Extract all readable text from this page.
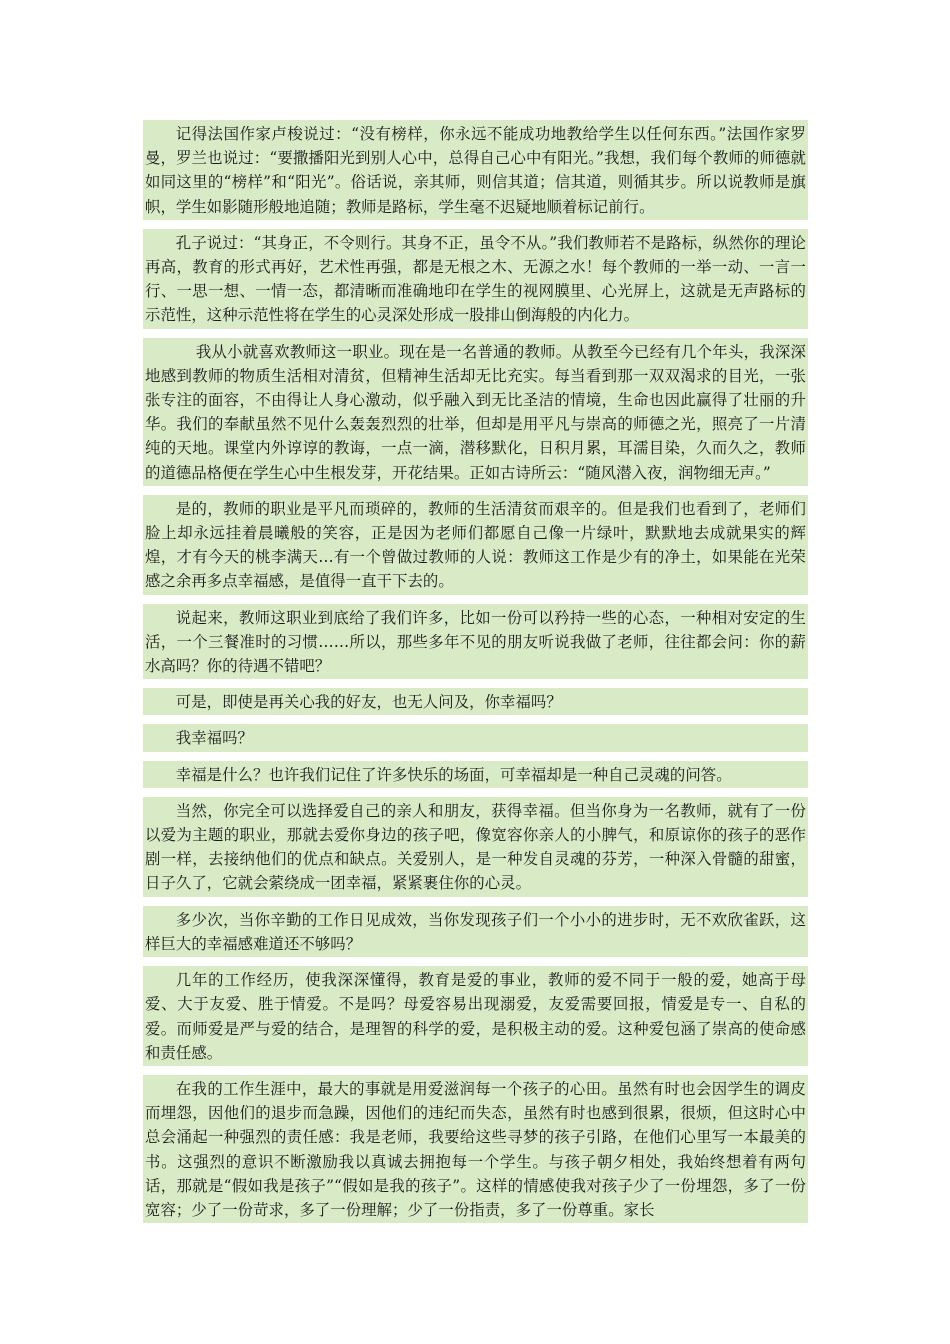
记得法国作家卢梭说过：“没有榜样，你永远不能成功地教给学生以任何东西。”法国作家罗曼，罗兰也说过：“要撒播阳光到别人心中，总得自己心中有阳光。”我想，我们每个教师的师德就如同这里的“榜样”和“阳光”。俗话说，亲其师，则信其道；信其道，则循其步。所以说教师是旗帜，学生如影随形般地追随；教师是路标，学生毫不迟疑地顺着标记前行。

孔子说过：“其身正，不令则行。其身不正，虽令不从。”我们教师若不是路标，纵然你的理论再高，教育的形式再好，艺术性再强，都是无根之木、无源之水！每个教师的一举一动、一言一行、一思一想、一情一态，都清晰而准确地印在学生的视网膜里、心光屏上，这就是无声路标的示范性，这种示范性将在学生的心灵深处形成一股排山倒海般的内化力。

我从小就喜欢教师这一职业。现在是一名普通的教师。从教至今已经有几个年头，我深深地感到教师的物质生活相对清贫，但精神生活却无比充实。每当看到那一双双渴求的目光，一张张专注的面容，不由得让人身心激动，似乎融入到无比圣洁的情境，生命也因此赢得了壮丽的升华。我们的奉献虽然不见什么轰轰烈烈的壮举，但却是用平凡与崇高的师德之光，照亮了一片清纯的天地。课堂内外谆谆的教诲，一点一滴，潜移默化，日积月累，耳濡目染，久而久之，教师的道德品格便在学生心中生根发芽，开花结果。正如古诗所云：“随风潜入夜，润物细无声。”

是的，教师的职业是平凡而琐碎的，教师的生活清贫而艰辛的。但是我们也看到了，老师们脸上却永远挂着晨曦般的笑容，正是因为老师们都愿自己像一片绿叶，默默地去成就果实的辉煌，才有今天的桃李满天…有一个曾做过教师的人说：教师这工作是少有的净土，如果能在光荣感之余再多点幸福感，是值得一直干下去的。

说起来，教师这职业到底给了我们许多，比如一份可以矜持一些的心态，一种相对安定的生活，一个三餐准时的习惯……所以，那些多年不见的朋友听说我做了老师，往往都会问：你的薪水高吗？你的待遇不错吧？

可是，即使是再关心我的好友，也无人问及，你幸福吗？

我幸福吗？

幸福是什么？也许我们记住了许多快乐的场面，可幸福却是一种自己灵魂的问答。

当然，你完全可以选择爱自己的亲人和朋友，获得幸福。但当你身为一名教师，就有了一份以爱为主题的职业，那就去爱你身边的孩子吧，像宽容你亲人的小脾气，和原谅你的孩子的恶作剧一样，去接纳他们的优点和缺点。关爱别人，是一种发自灵魂的芬芳，一种深入骨髓的甜蜜，日子久了，它就会萦绕成一团幸福，紧紧裹住你的心灵。

多少次，当你辛勤的工作日见成效，当你发现孩子们一个小小的进步时，无不欢欣雀跃，这样巨大的幸福感难道还不够吗？

几年的工作经历，使我深深懂得，教育是爱的事业，教师的爱不同于一般的爱，她高于母爱、大于友爱、胜于情爱。不是吗？母爱容易出现溺爱，友爱需要回报，情爱是专一、自私的爱。而师爱是严与爱的结合，是理智的科学的爱，是积极主动的爱。这种爱包涵了崇高的使命感和责任感。

在我的工作生涯中，最大的事就是用爱滋润每一个孩子的心田。虽然有时也会因学生的调皮而埋怨，因他们的退步而急躁，因他们的违纪而失态，虽然有时也感到很累，很烦，但这时心中总会涌起一种强烈的责任感：我是老师，我要给这些寻梦的孩子引路，在他们心里写一本最美的书。这强烈的意识不断激励我以真诚去拥抱每一个学生。与孩子朝夕相处，我始终想着有两句话，那就是“假如我是孩子”“假如是我的孩子”。这样的情感使我对孩子少了一份埋怨，多了一份宽容；少了一份苛求，多了一份理解；少了一份指责，多了一份尊重。家长
